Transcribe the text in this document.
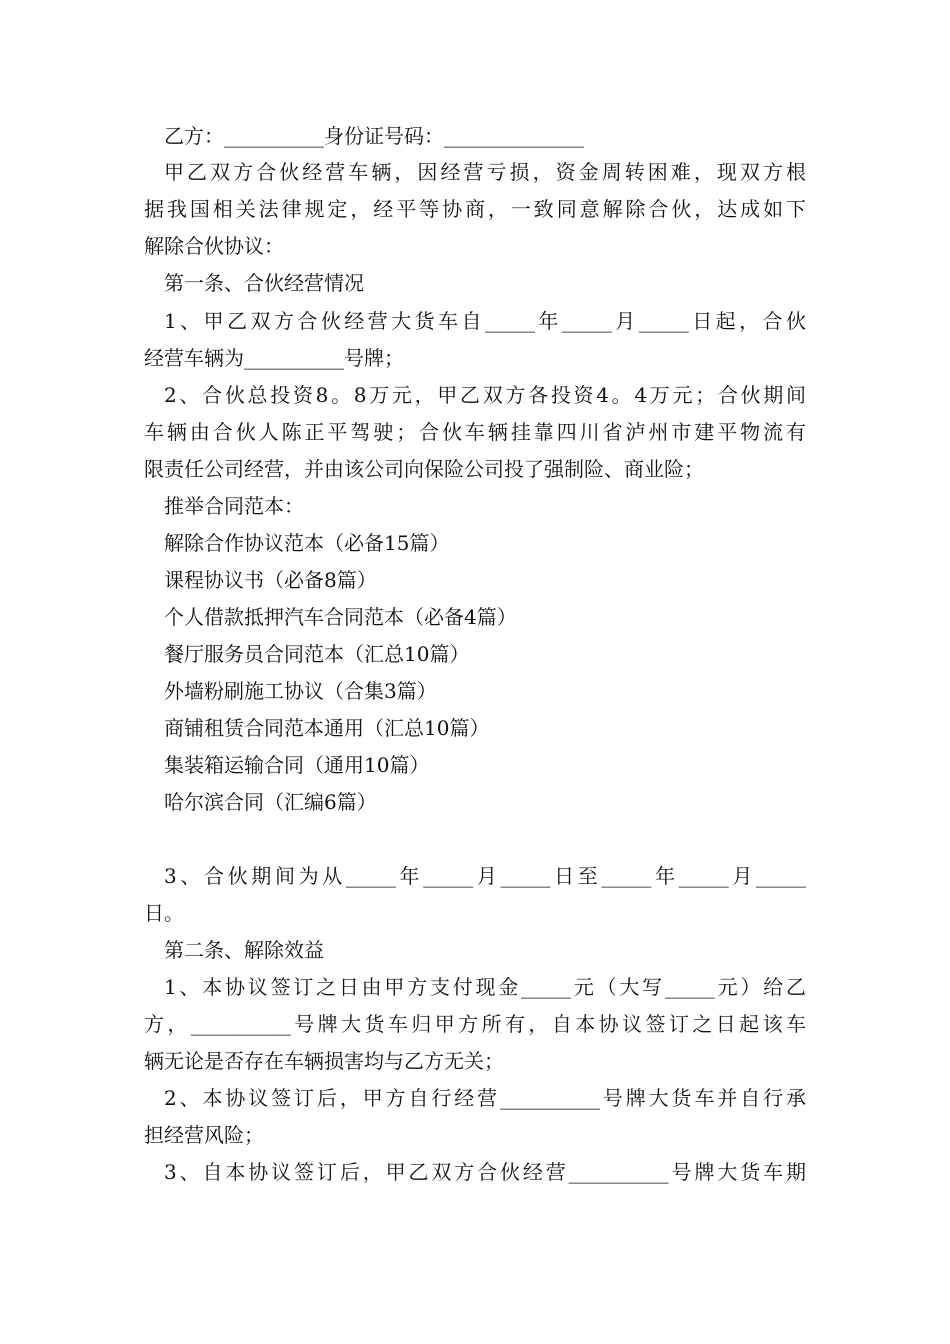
乙方：__________身份证号码：______________
甲乙双方合伙经营车辆，因经营亏损，资金周转困难，现双方根
据我国相关法律规定，经平等协商，一致同意解除合伙，达成如下
解除合伙协议：
第一条、合伙经营情况
1、甲乙双方合伙经营大货车自_____年_____月_____日起，合伙
经营车辆为__________号牌；
2、合伙总投资8。8万元，甲乙双方各投资4。4万元；合伙期间
车辆由合伙人陈正平驾驶；合伙车辆挂靠四川省泸州市建平物流有
限责任公司经营，并由该公司向保险公司投了强制险、商业险；
推举合同范本：
解除合作协议范本（必备15篇）
课程协议书（必备8篇）
个人借款抵押汽车合同范本（必备4篇）
餐厅服务员合同范本（汇总10篇）
外墙粉刷施工协议（合集3篇）
商铺租赁合同范本通用（汇总10篇）
集装箱运输合同（通用10篇）
哈尔滨合同（汇编6篇）
3、合伙期间为从_____年_____月_____日至_____年_____月_____
日。
第二条、解除效益
1、本协议签订之日由甲方支付现金_____元（大写_____元）给乙
方，__________号牌大货车归甲方所有，自本协议签订之日起该车
辆无论是否存在车辆损害均与乙方无关；
2、本协议签订后，甲方自行经营__________号牌大货车并自行承
担经营风险；
3、自本协议签订后，甲乙双方合伙经营__________号牌大货车期
